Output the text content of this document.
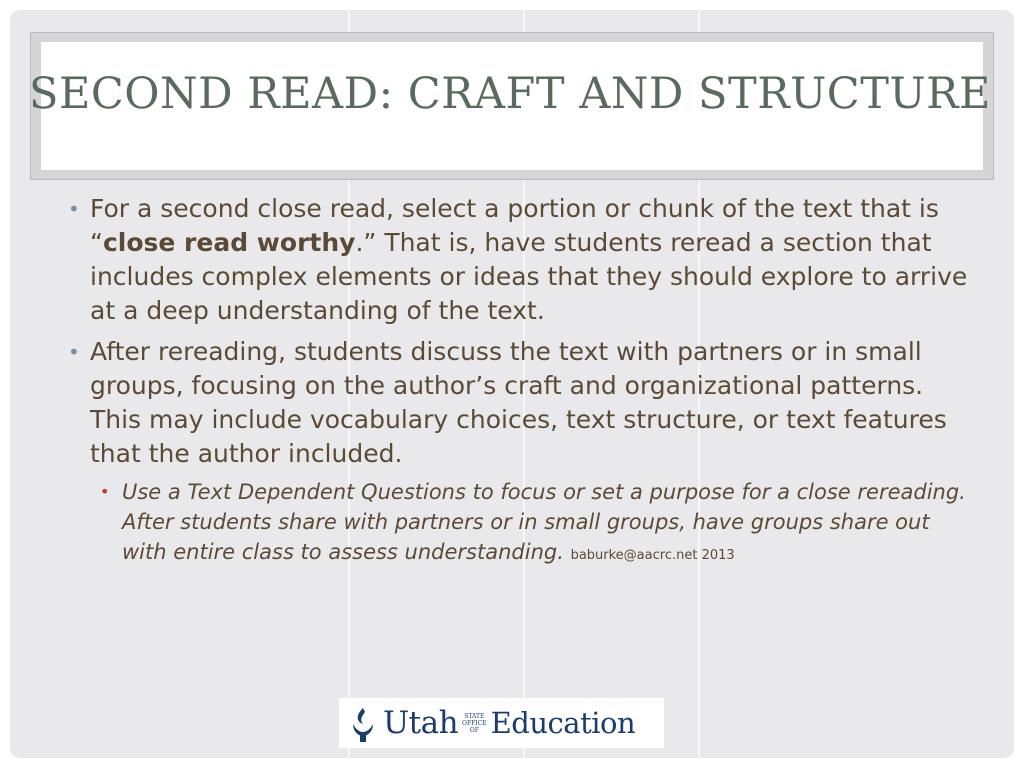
SECOND READ: CRAFT AND STRUCTURE
• For a second close read, select a portion or chunk of the text that is “close read worthy.” That is, have students reread a section that includes complex elements or ideas that they should explore to arrive at a deep understanding of the text.
• After rereading, students discuss the text with partners or in small groups, focusing on the author’s craft and organizational patterns. This may include vocabulary choices, text structure, or text features that the author included.
• Use a Text Dependent Questions to focus or set a purpose for a close rereading. After students share with partners or in small groups, have groups share out with entire class to assess understanding. baburke@aacrc.net 2013
Utah STATE
OFFICE
OF Education
